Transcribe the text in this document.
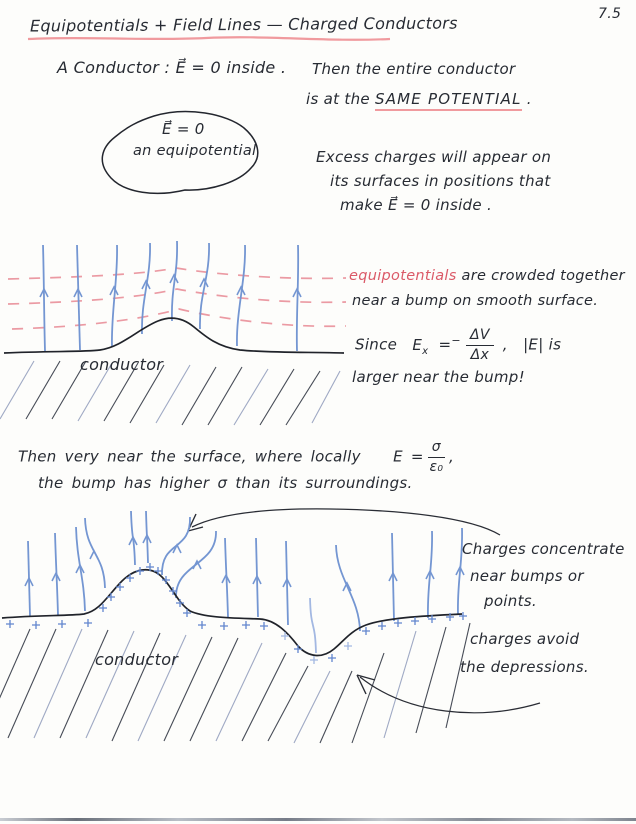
7.5
Equipotentials + Field Lines — Charged Conductors
A Conductor : E⃗ = 0 inside . Then the entire conductor
is at the SAME POTENTIAL .
E⃗ = 0
an equipotential	Excess charges will appear on
its surfaces in positions that
make E⃗ = 0 inside .
conductor
equipotentials are crowded together
near a bump on smooth surface.
Since $E_x =^- \frac{\Delta V}{\Delta x}$ , |E| is
larger near the bump!
Then very near the surface, where locally $E = \frac{\sigma}{\text{ε₀}}$ ,
the bump has higher σ than its surroundings.
conductor
Charges concentrate
near bumps or
points.
charges avoid
the depressions.
